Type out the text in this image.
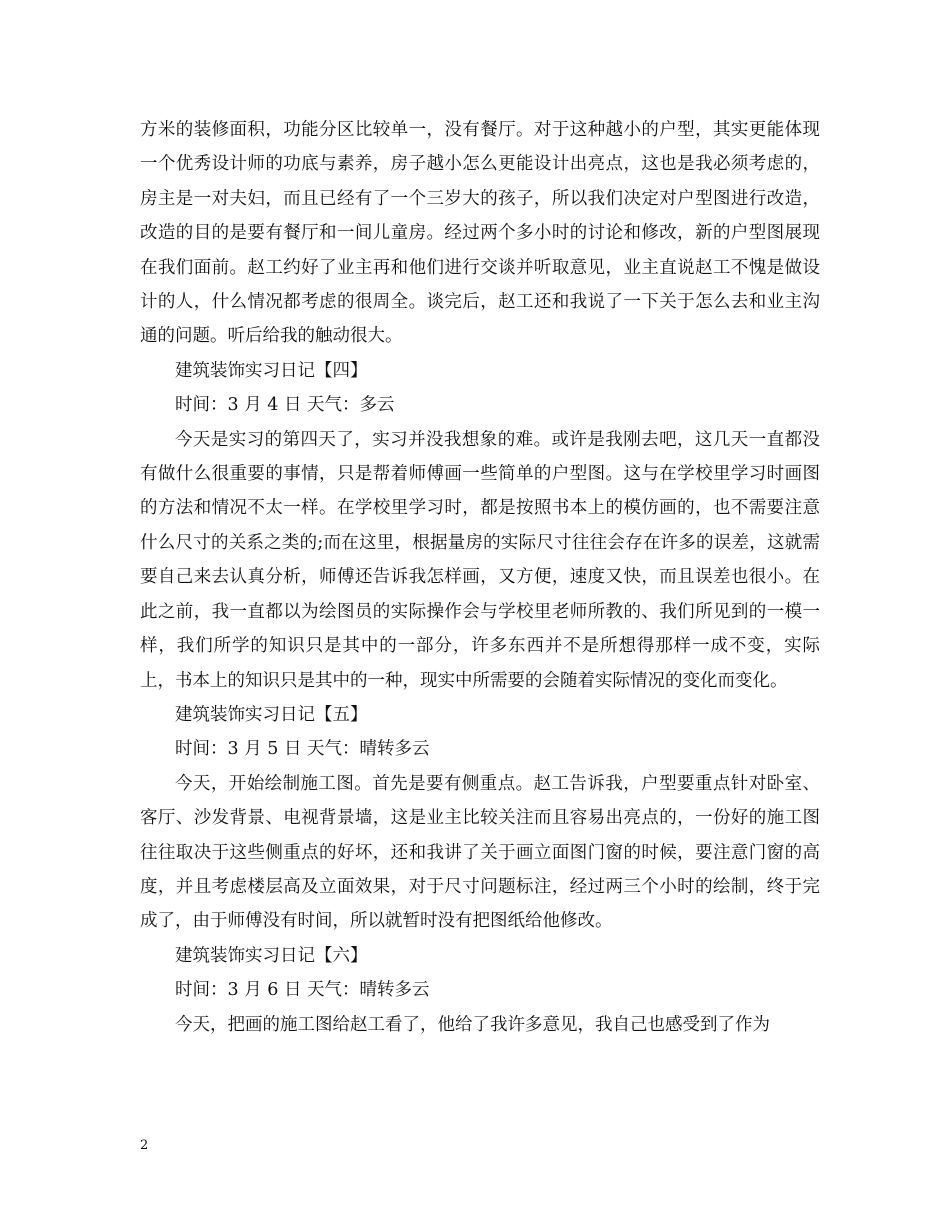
方米的装修面积，功能分区比较单一，没有餐厅。对于这种越小的户型，其实更能体现一个优秀设计师的功底与素养，房子越小怎么更能设计出亮点，这也是我必须考虑的，房主是一对夫妇，而且已经有了一个三岁大的孩子，所以我们决定对户型图进行改造，改造的目的是要有餐厅和一间儿童房。经过两个多小时的讨论和修改，新的户型图展现在我们面前。赵工约好了业主再和他们进行交谈并听取意见，业主直说赵工不愧是做设计的人，什么情况都考虑的很周全。谈完后，赵工还和我说了一下关于怎么去和业主沟通的问题。听后给我的触动很大。

建筑装饰实习日记【四】

时间：3 月 4 日 天气：多云

今天是实习的第四天了，实习并没我想象的难。或许是我刚去吧，这几天一直都没有做什么很重要的事情，只是帮着师傅画一些简单的户型图。这与在学校里学习时画图的方法和情况不太一样。在学校里学习时，都是按照书本上的模仿画的，也不需要注意什么尺寸的关系之类的;而在这里，根据量房的实际尺寸往往会存在许多的误差，这就需要自己来去认真分析，师傅还告诉我怎样画，又方便，速度又快，而且误差也很小。在此之前，我一直都以为绘图员的实际操作会与学校里老师所教的、我们所见到的一模一样，我们所学的知识只是其中的一部分，许多东西并不是所想得那样一成不变，实际上，书本上的知识只是其中的一种，现实中所需要的会随着实际情况的变化而变化。

建筑装饰实习日记【五】

时间：3 月 5 日 天气：晴转多云

今天，开始绘制施工图。首先是要有侧重点。赵工告诉我，户型要重点针对卧室、客厅、沙发背景、电视背景墙，这是业主比较关注而且容易出亮点的，一份好的施工图往往取决于这些侧重点的好坏，还和我讲了关于画立面图门窗的时候，要注意门窗的高度，并且考虑楼层高及立面效果，对于尺寸问题标注，经过两三个小时的绘制，终于完成了，由于师傅没有时间，所以就暂时没有把图纸给他修改。

建筑装饰实习日记【六】

时间：3 月 6 日 天气：晴转多云

今天，把画的施工图给赵工看了，他给了我许多意见，我自己也感受到了作为

2
